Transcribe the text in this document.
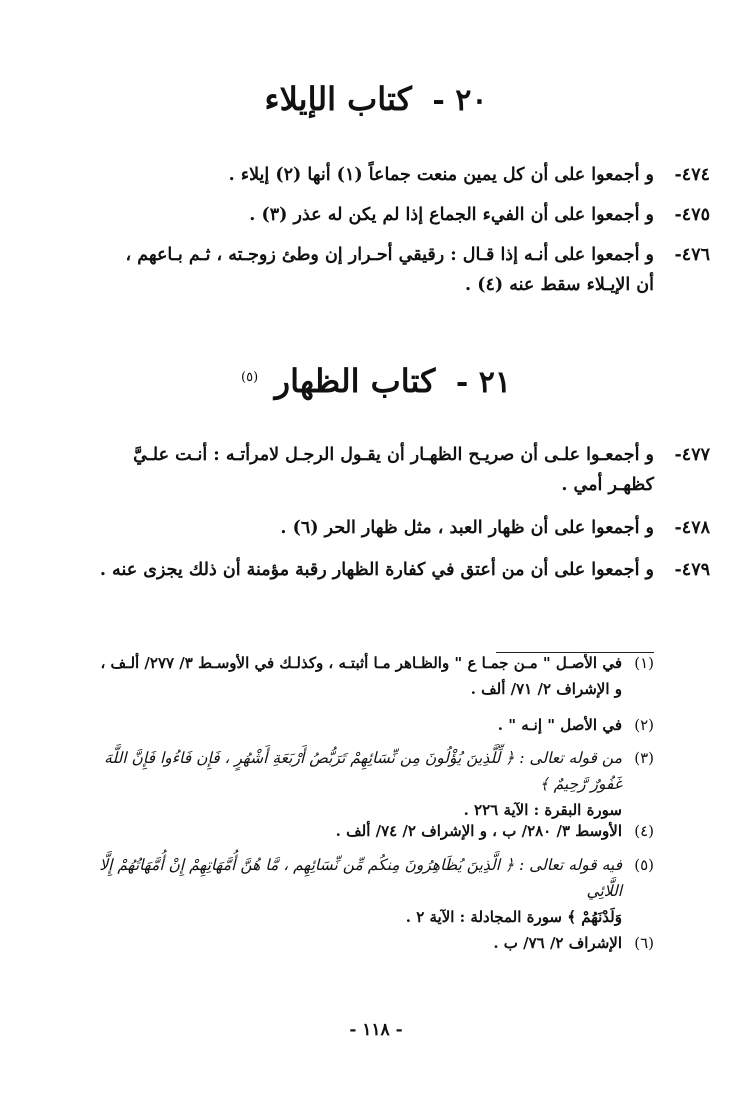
٢٠ - كتاب الإيلاء
٤٧٤-
و أجمعوا على أن كل يمين منعت جماعاً (١) أنها (٢) إيلاء .
٤٧٥-
و أجمعوا على أن الفيء الجماع إذا لم يكن له عذر (٣) .
٤٧٦-
و أجمعوا على أنـه إذا قـال : رقيقي أحـرار إن وطئ زوجـته ، ثـم بـاعهم ،
أن الإيـلاء سقط عنه (٤) .
٢١ - كتاب الظهار $^{(٥)}$
٤٧٧-
و أجمعـوا علـى أن صريـح الظهـار أن يقـول الرجـل لامرأتـه : أنـت علـيَّ
كظهـر أمي .
٤٧٨-
و أجمعوا على أن ظهار العبد ، مثل ظهار الحر (٦) .
٤٧٩-
و أجمعوا على أن من أعتق في كفارة الظهار رقبة مؤمنة أن ذلك يجزى عنه .
(١)
في الأصـل " مـن جمـا ع " والظـاهر مـا أثبتـه ، وكذلـك في الأوسـط ٣/ ٢٧٧/ ألـف ،
و الإشراف ٢/ ٧١/ ألف .
(٢)
في الأصل " إنـه " .
(٣)
من قوله تعالى : ﴿ لِّلَّذِينَ يُؤْلُونَ مِن نِّسَائِهِمْ تَرَبُّصُ أَرْبَعَةِ أَشْهُرٍ ، فَإِن فَاءُوا فَإِنَّ اللَّهَ غَفُورٌ رَّحِيمٌ ﴾
سورة البقرة : الآية ٢٢٦ .
(٤)
الأوسط ٣/ ٢٨٠/ ب ، و الإشراف ٢/ ٧٤/ ألف .
(٥)
فيه قوله تعالى : ﴿ الَّذِينَ يُظَاهِرُونَ مِنكُم مِّن نِّسَائِهِم ، مَّا هُنَّ أُمَّهَاتِهِمْ إِنْ أُمَّهَاتُهُمْ إِلَّا اللَّائِي
وَلَدْنَهُمْ ﴾ سورة المجادلة : الآية ٢ .
(٦)
الإشراف ٢/ ٧٦/ ب .
- ١١٨ -
